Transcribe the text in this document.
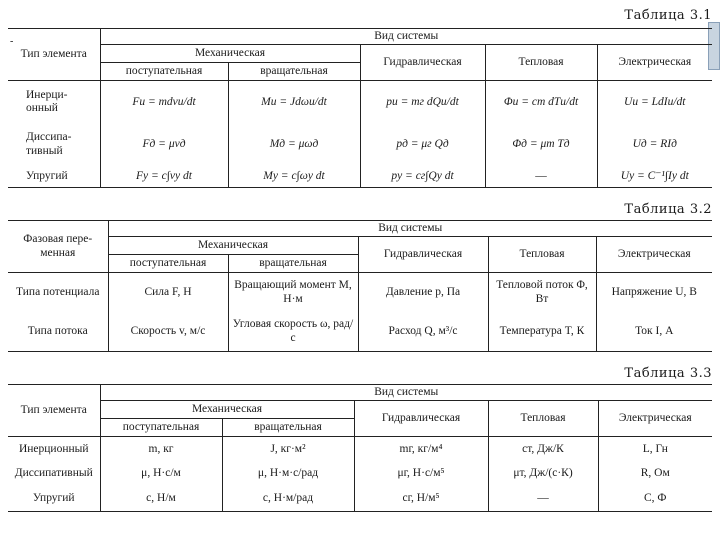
-
Таблица 3.1
Тип элемента	Вид системы				
	Механическая		Гидравлическая	Тепловая	Электрическая
	поступательная	вращательная			
Инерци-онный	Fи = mdvи/dt	Mи = Jdωи/dt	pи = mг dQи/dt	Φи = cт dTи/dt	Uи = LdIи/dt
Диссипа-тивный	Fд = μvд	Mд = μωд	pд = μг Qд	Φд = μт Tд	Uд = RIд
Упругий	Fу = c∫vу dt	Mу = c∫ωу dt	pу = cг∫Qу dt	—	Uу = C⁻¹∫Iу dt
Таблица 3.2
Фазовая пере-менная	Вид системы				
	Механическая		Гидравлическая	Тепловая	Электрическая
	поступательная	вращательная			
Типа потенциала	Сила F, Н	Вращающий момент M, Н·м	Давление p, Па	Тепловой поток Φ, Вт	Напряжение U, В
Типа потока	Скорость v, м/с	Угловая скорость ω, рад/с	Расход Q, м³/с	Температура T, К	Ток I, А
Таблица 3.3
Тип элемента	Вид системы				
	Механическая		Гидравлическая	Тепловая	Электрическая
	поступательная	вращательная			
Инерционный	m, кг	J, кг·м²	mг, кг/м⁴	cт, Дж/К	L, Гн
Диссипативный	μ, Н·с/м	μ, Н·м·с/рад	μг, Н·с/м⁵	μт, Дж/(с·К)	R, Ом
Упругий	c, Н/м	c, Н·м/рад	cг, Н/м⁵	—	C, Ф
